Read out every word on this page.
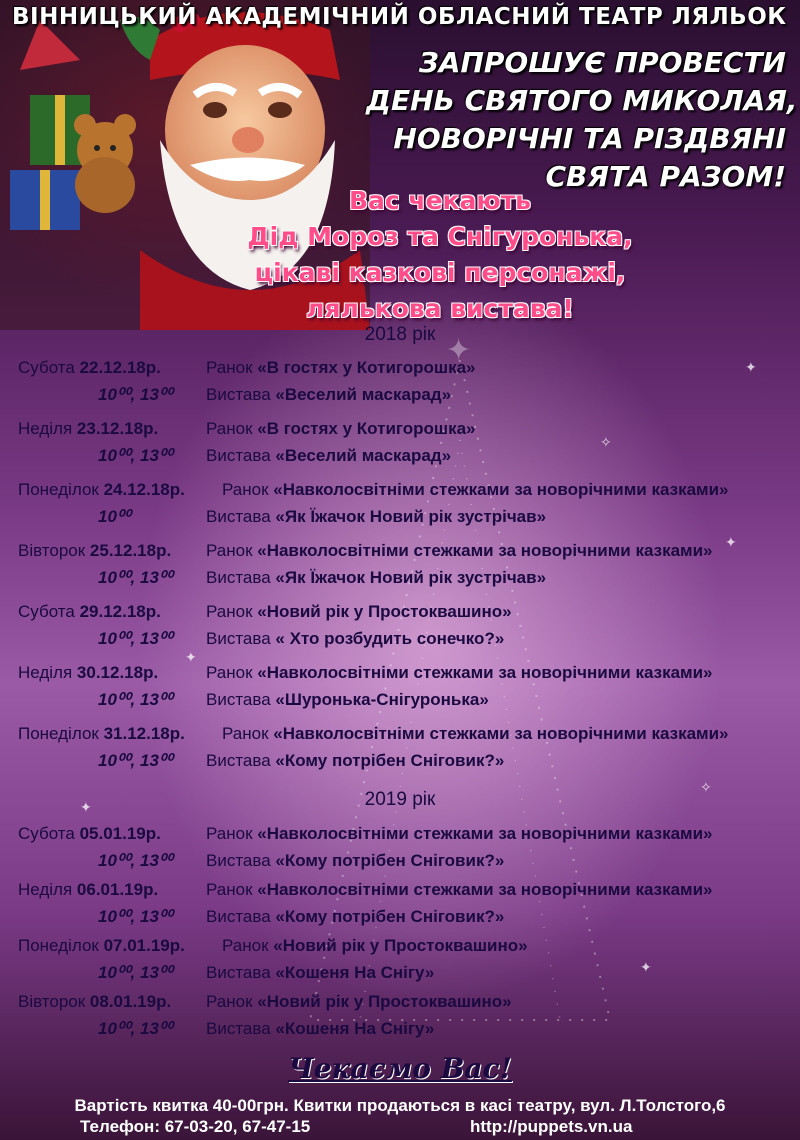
✦	✦
✧
✦
✦
✧
✦
✦
ВІННИЦЬКИЙ АКАДЕМІЧНИЙ ОБЛАСНИЙ ТЕАТР ЛЯЛЬОК
ЗАПРОШУЄ ПРОВЕСТИ
ДЕНЬ СВЯТОГО МИКОЛАЯ,
НОВОРІЧНІ ТА РІЗДВЯНІ
СВЯТА РАЗОМ!
Вас чекають
Дід Мороз та Снігуронька,
цікаві казкові персонажі,
лялькова вистава!
2018 рік
Субота 22.12.18р.	Ранок «В гостях у Котигорошка»
10⁰⁰, 13⁰⁰ Вистава «Веселий маскарад»
Неділя 23.12.18р.	Ранок «В гостях у Котигорошка»
10⁰⁰, 13⁰⁰ Вистава «Веселий маскарад»
Понеділок 24.12.18р. Ранок «Навколосвітніми стежками за новорічними казками»
10⁰⁰	Вистава «Як Їжачок Новий рік зустрічав»
Вівторок 25.12.18р. Ранок «Навколосвітніми стежками за новорічними казками»
10⁰⁰, 13⁰⁰ Вистава «Як Їжачок Новий рік зустрічав»
Субота 29.12.18р.	Ранок «Новий рік у Простоквашино»
10⁰⁰, 13⁰⁰ Вистава « Хто розбудить сонечко?»
Неділя 30.12.18р.	Ранок «Навколосвітніми стежками за новорічними казками»
10⁰⁰, 13⁰⁰ Вистава «Шуронька-Снігуронька»
Понеділок 31.12.18р. Ранок «Навколосвітніми стежками за новорічними казками»
10⁰⁰, 13⁰⁰ Вистава «Кому потрібен Сніговик?»
2019 рік
Субота 05.01.19р.	Ранок «Навколосвітніми стежками за новорічними казками»
10⁰⁰, 13⁰⁰ Вистава «Кому потрібен Сніговик?»
Неділя 06.01.19р.	Ранок «Навколосвітніми стежками за новорічними казками»
10⁰⁰, 13⁰⁰ Вистава «Кому потрібен Сніговик?»
Понеділок 07.01.19р. Ранок «Новий рік у Простоквашино»
10⁰⁰, 13⁰⁰ Вистава «Кошеня На Снігу»
Вівторок 08.01.19р. Ранок «Новий рік у Простоквашино»
10⁰⁰, 13⁰⁰ Вистава «Кошеня На Снігу»
Чекаємо Вас!
Вартість квитка 40-00грн. Квитки продаються в касі театру, вул. Л.Толстого,6
Телефон: 67-03-20, 67-47-15	http://puppets.vn.ua
